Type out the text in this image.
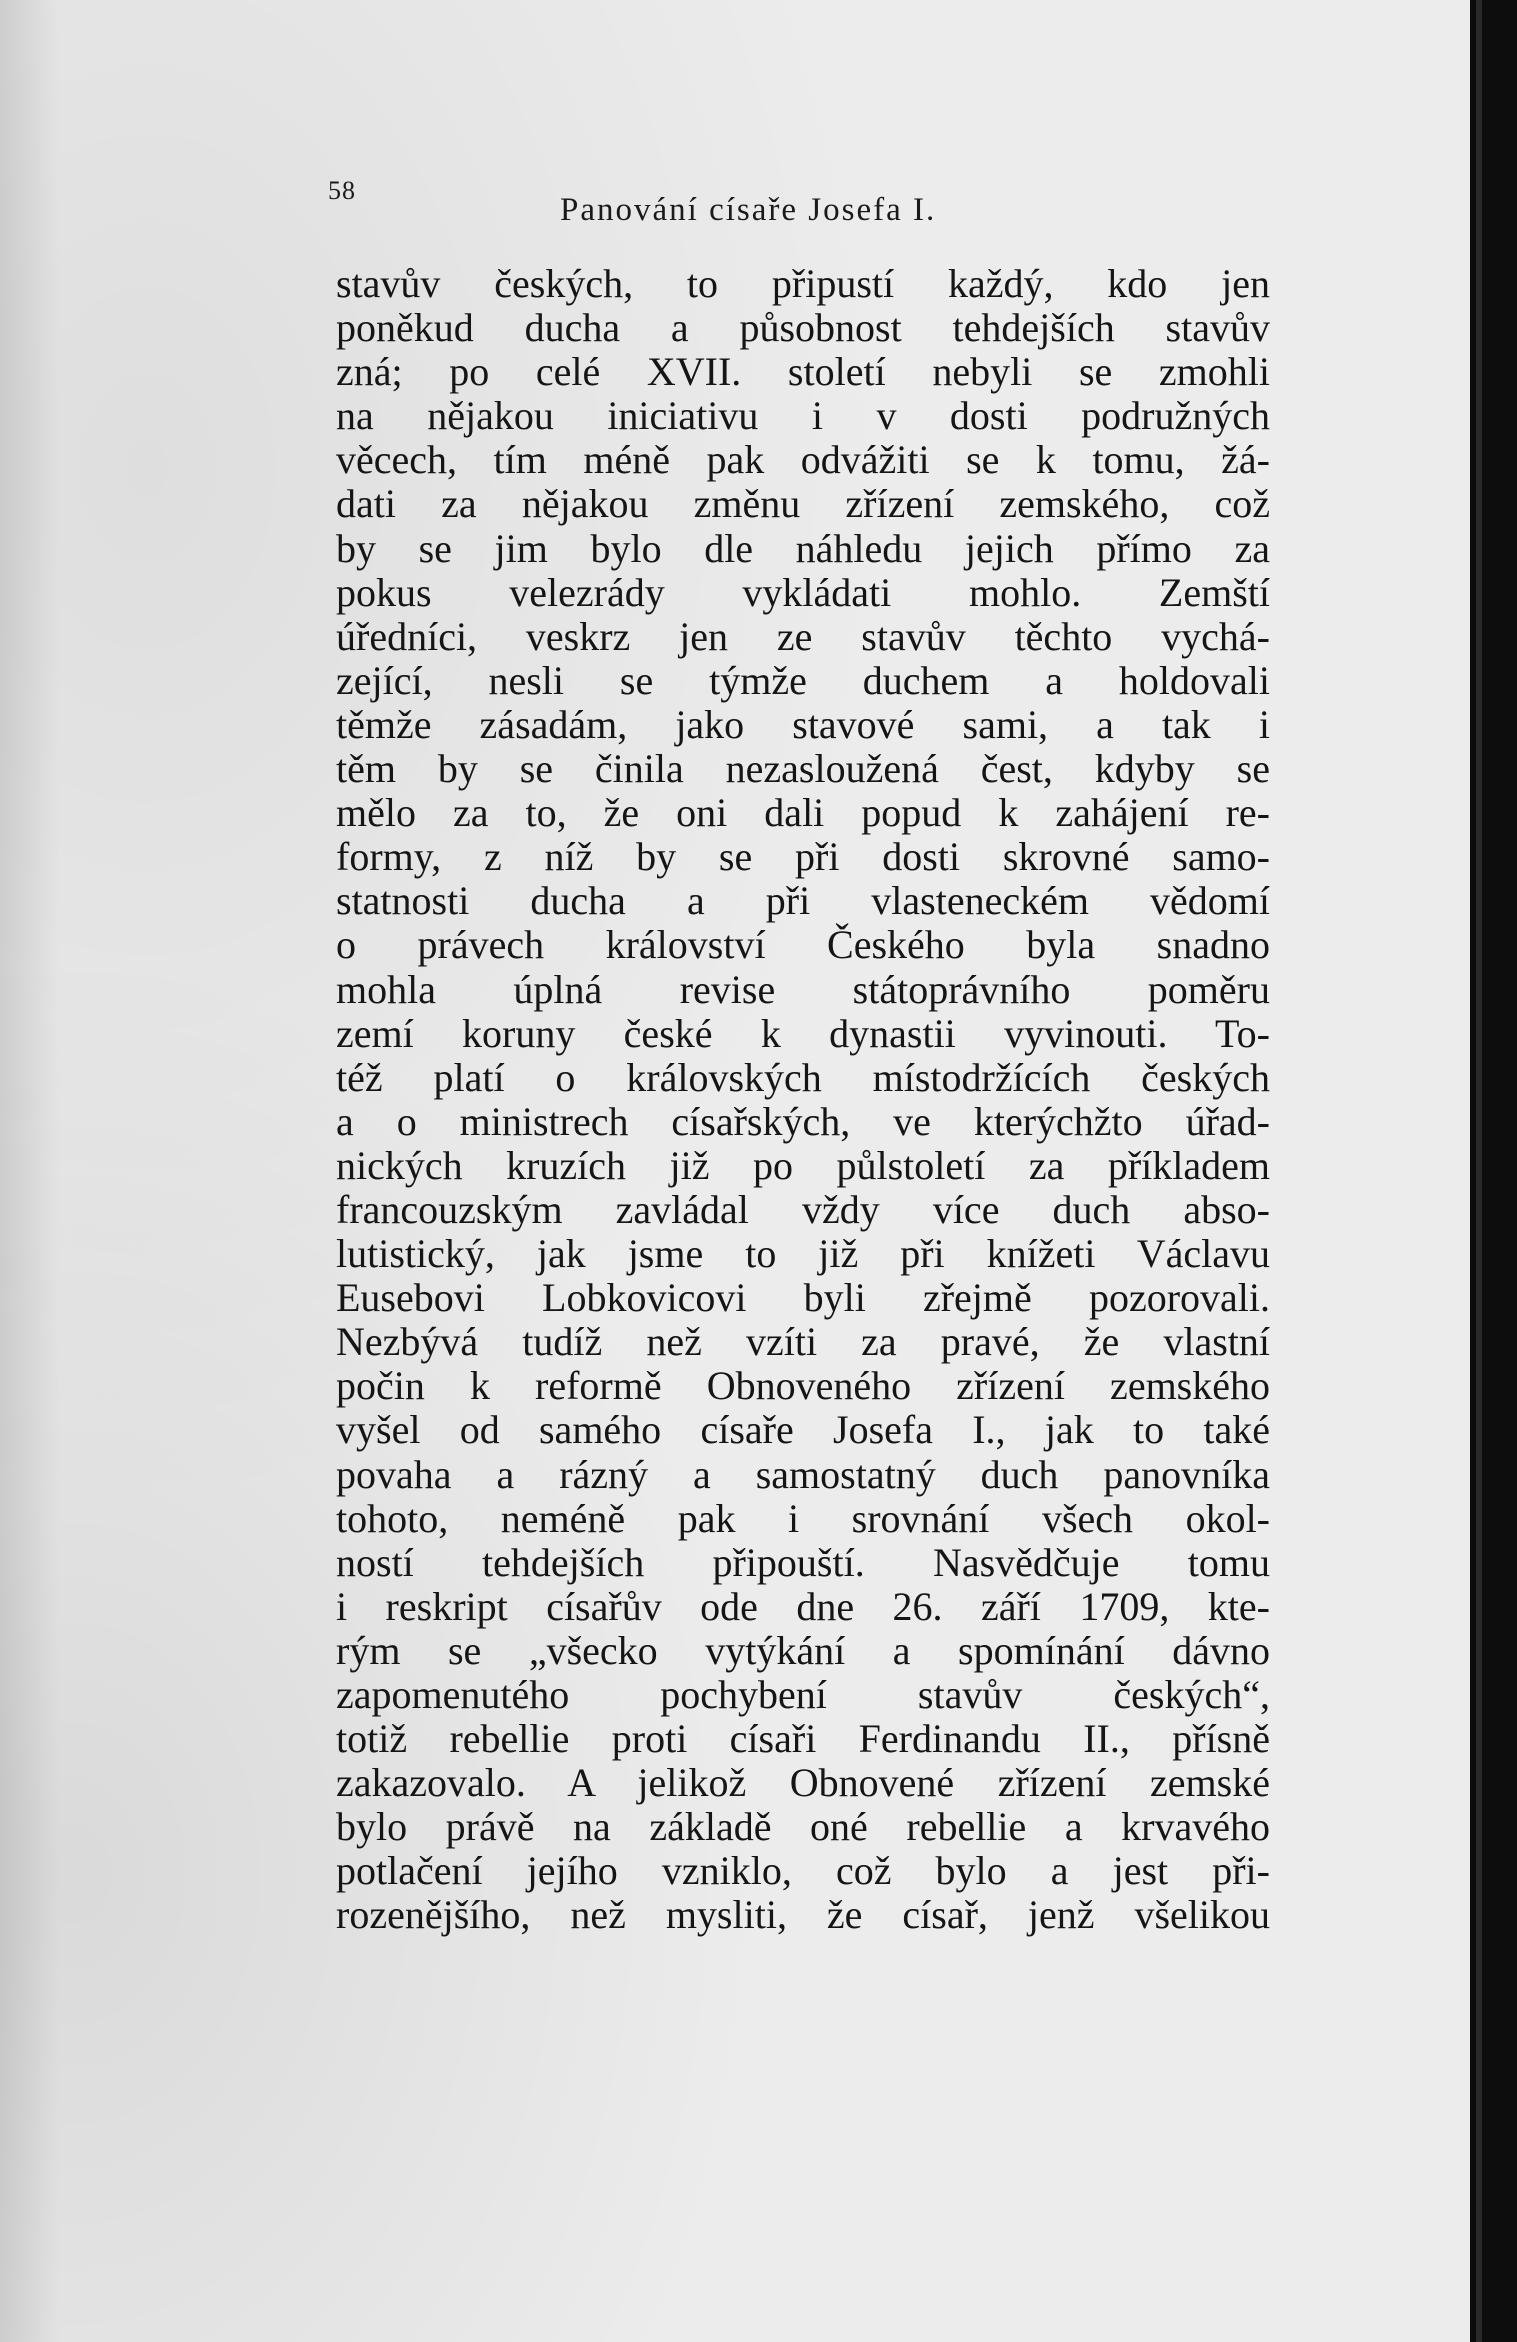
58
Panování císaře Josefa I.
stavův českých, to připustí každý, kdo jen
poněkud ducha a působnost tehdejších stavův
zná; po celé XVII. století nebyli se zmohli
na nějakou iniciativu i v dosti podružných
věcech, tím méně pak odvážiti se k tomu, žá-
dati za nějakou změnu zřízení zemského, což
by se jim bylo dle náhledu jejich přímo za
pokus velezrády vykládati mohlo. Zemští
úředníci, veskrz jen ze stavův těchto vychá-
zející, nesli se týmže duchem a holdovali
těmže zásadám, jako stavové sami, a tak i
těm by se činila nezasloužená čest, kdyby se
mělo za to, že oni dali popud k zahájení re-
formy, z níž by se při dosti skrovné samo-
statnosti ducha a při vlasteneckém vědomí
o právech království Českého byla snadno
mohla úplná revise státoprávního poměru
zemí koruny české k dynastii vyvinouti. To-
též platí o královských místodržících českých
a o ministrech císařských, ve kterýchžto úřad-
nických kruzích již po půlstoletí za příkladem
francouzským zavládal vždy více duch abso-
lutistický, jak jsme to již při knížeti Václavu
Eusebovi Lobkovicovi byli zřejmě pozorovali.
Nezbývá tudíž než vzíti za pravé, že vlastní
počin k reformě Obnoveného zřízení zemského
vyšel od samého císaře Josefa I., jak to také
povaha a rázný a samostatný duch panovníka
tohoto, neméně pak i srovnání všech okol-
ností tehdejších připouští. Nasvědčuje tomu
i reskript císařův ode dne 26. září 1709, kte-
rým se „všecko vytýkání a spomínání dávno
zapomenutého pochybení stavův českých“,
totiž rebellie proti císaři Ferdinandu II., přísně
zakazovalo. A jelikož Obnovené zřízení zemské
bylo právě na základě oné rebellie a krvavého
potlačení jejího vzniklo, což bylo a jest při-
rozenějšího, než mysliti, že císař, jenž všelikou
